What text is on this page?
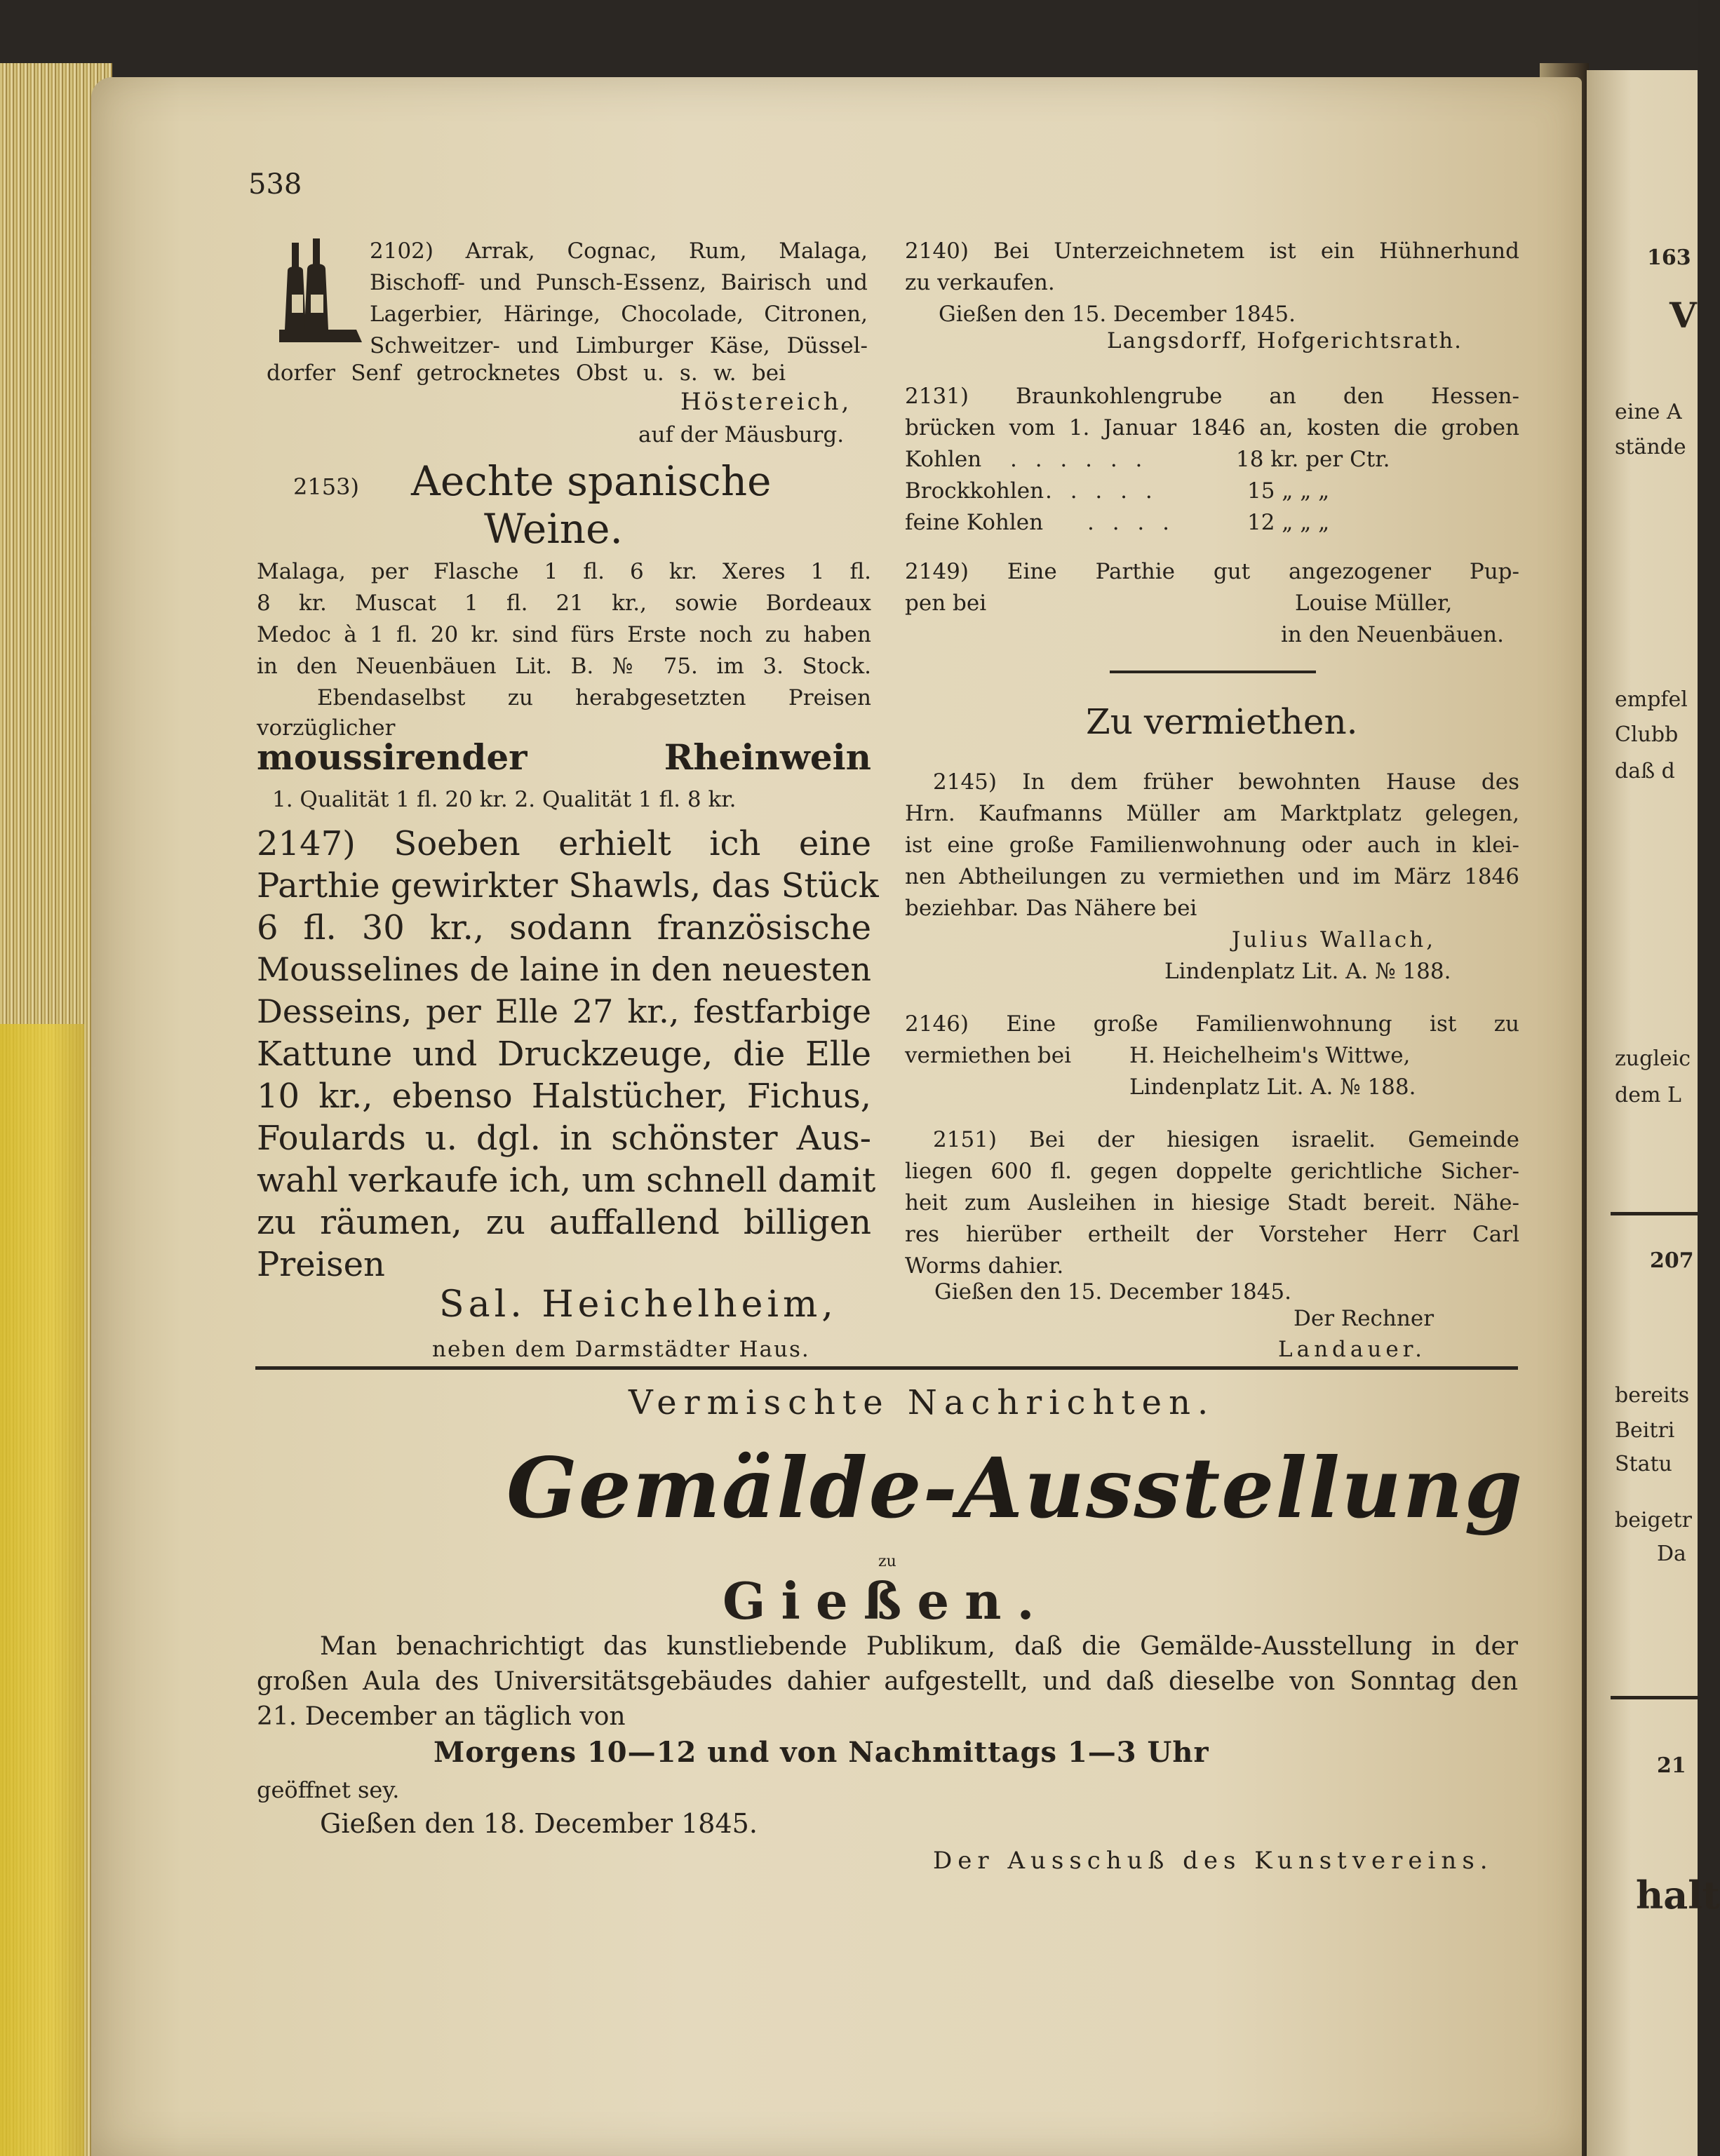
163
V
eine A
stände
empfel
Clubb
daß d
zugleic
dem L
207
bereits
Beitri
Statu
beigetr
Da
21
halt
538
2102) Arrak, Cognac, Rum, Malaga,
Bischoff- und Punsch-Essenz, Bairisch und
Lagerbier, Häringe, Chocolade, Citronen,
Schweitzer- und Limburger Käse, Düssel-
dorfer Senf getrocknetes Obst u. s. w. bei
Höstereich,
auf der Mäusburg.
2153) Aechte spanische
Weine.
Malaga, per Flasche 1 fl. 6 kr. Xeres 1 fl.
8 kr. Muscat 1 fl. 21 kr., sowie Bordeaux
Medoc à 1 fl. 20 kr. sind fürs Erste noch zu haben
in den Neuenbäuen Lit. B. № 75. im 3. Stock.
Ebendaselbst zu herabgesetzten Preisen
vorzüglicher
moussirender Rheinwein
1. Qualität 1 fl. 20 kr. 2. Qualität 1 fl. 8 kr.
2147) Soeben erhielt ich eine
Parthie gewirkter Shawls, das Stück
6 fl. 30 kr., sodann französische
Mousselines de laine in den neuesten
Desseins, per Elle 27 kr., festfarbige
Kattune und Druckzeuge, die Elle
10 kr., ebenso Halstücher, Fichus,
Foulards u. dgl. in schönster Aus-
wahl verkaufe ich, um schnell damit
zu räumen, zu auffallend billigen
Preisen
Sal. Heichelheim,
neben dem Darmstädter Haus.
2140) Bei Unterzeichnetem ist ein Hühnerhund
zu verkaufen.
Gießen den 15. December 1845.
Langsdorff, Hofgerichtsrath.
2131) Braunkohlengrube an den Hessen-
brücken vom 1. Januar 1846 an, kosten die groben
Kohlen . . . . . .	18 kr. per Ctr.
Brockkohlen . . . . .	15 „ „ „
feine Kohlen . . . .	12 „ „ „
2149) Eine Parthie gut angezogener Pup-
pen bei	Louise Müller,
in den Neuenbäuen.
Zu vermiethen.
2145) In dem früher bewohnten Hause des
Hrn. Kaufmanns Müller am Marktplatz gelegen,
ist eine große Familienwohnung oder auch in klei-
nen Abtheilungen zu vermiethen und im März 1846
beziehbar. Das Nähere bei
Julius Wallach,
Lindenplatz Lit. A. № 188.
2146) Eine große Familienwohnung ist zu
vermiethen bei	H. Heichelheim's Wittwe,
Lindenplatz Lit. A. № 188.
2151) Bei der hiesigen israelit. Gemeinde
liegen 600 fl. gegen doppelte gerichtliche Sicher-
heit zum Ausleihen in hiesige Stadt bereit. Nähe-
res hierüber ertheilt der Vorsteher Herr Carl
Worms dahier.
Gießen den 15. December 1845.
Der Rechner
Landauer.
Vermischte Nachrichten.
Gemälde-Ausstellung
zu
Gießen.
Man benachrichtigt das kunstliebende Publikum, daß die Gemälde-Ausstellung in der
großen Aula des Universitätsgebäudes dahier aufgestellt, und daß dieselbe von Sonntag den
21. December an täglich von
Morgens 10—12 und von Nachmittags 1—3 Uhr
geöffnet sey.
Gießen den 18. December 1845.
Der Ausschuß des Kunstvereins.
